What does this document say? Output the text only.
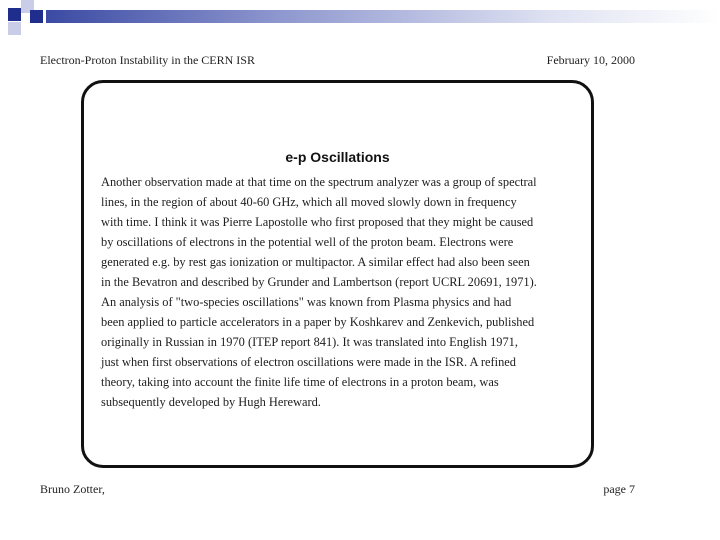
Electron-Proton Instability in the CERN ISR	February 10, 2000
e-p Oscillations
Another observation made at that time on the spectrum analyzer was a group of spectral
lines, in the region of about 40-60 GHz, which all moved slowly down in frequency
with time. I think it was Pierre Lapostolle who first proposed that they might be caused
by oscillations of electrons in the potential well of the proton beam. Electrons were
generated e.g. by rest gas ionization or multipactor. A similar effect had also been seen
in the Bevatron and described by Grunder and Lambertson (report UCRL 20691, 1971).
An analysis of "two-species oscillations" was known from Plasma physics and had
been applied to particle accelerators in a paper by Koshkarev and Zenkevich, published
originally in Russian in 1970 (ITEP report 841). It was translated into English 1971,
just when first observations of electron oscillations were made in the ISR. A refined
theory, taking into account the finite life time of electrons in a proton beam, was
subsequently developed by Hugh Hereward.
Bruno Zotter,	page 7
